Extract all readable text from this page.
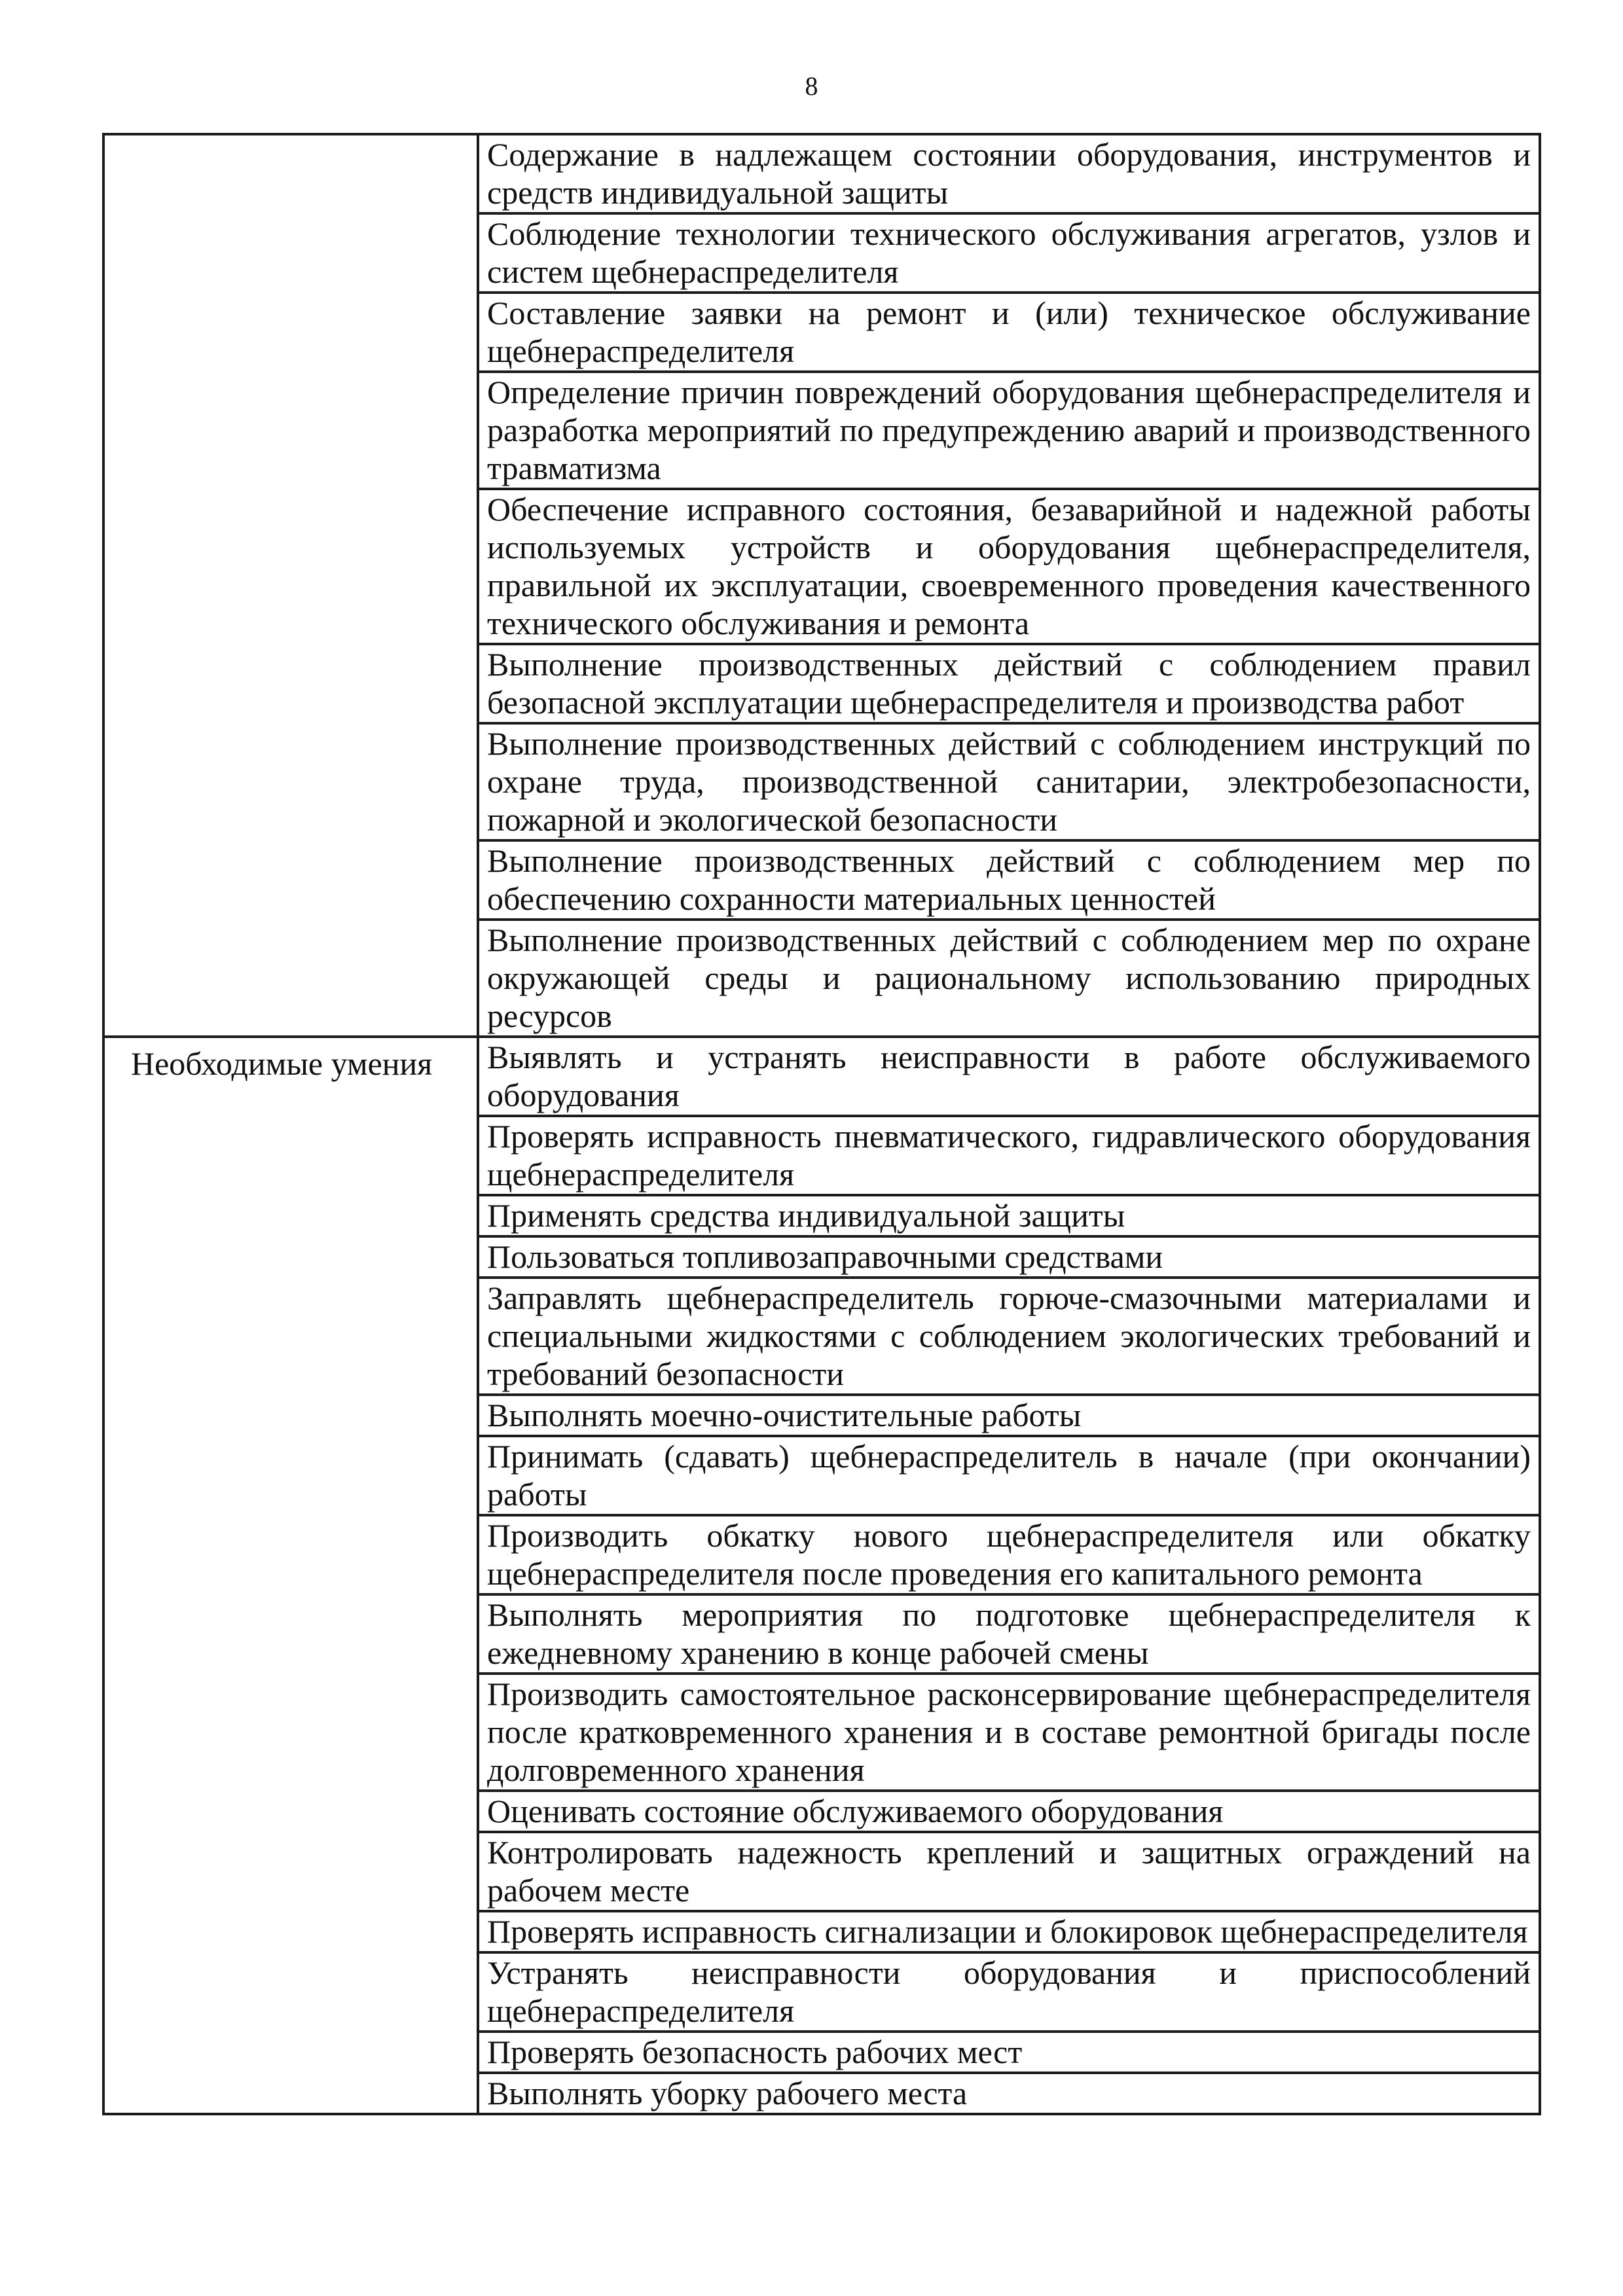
8
	Содержание в надлежащем состоянии оборудования, инструментов и средств индивидуальной защиты
	Соблюдение технологии технического обслуживания агрегатов, узлов и систем щебнераспределителя
	Составление заявки на ремонт и (или) техническое обслуживание щебнераспределителя
	Определение причин повреждений оборудования щебнераспределителя и разработка мероприятий по предупреждению аварий и производственного травматизма
	Обеспечение исправного состояния, безаварийной и надежной работы используемых устройств и оборудования щебнераспределителя, правильной их эксплуатации, своевременного проведения качественного технического обслуживания и ремонта
	Выполнение производственных действий с соблюдением правил безопасной эксплуатации щебнераспределителя и производства работ
	Выполнение производственных действий с соблюдением инструкций по охране труда, производственной санитарии, электробезопасности, пожарной и экологической безопасности
	Выполнение производственных действий с соблюдением мер по обеспечению сохранности материальных ценностей
	Выполнение производственных действий с соблюдением мер по охране окружающей среды и рациональному использованию природных ресурсов
Необходимые умения	Выявлять и устранять неисправности в работе обслуживаемого оборудования
	Проверять исправность пневматического, гидравлического оборудования щебнераспределителя
	Применять средства индивидуальной защиты
	Пользоваться топливозаправочными средствами
	Заправлять щебнераспределитель горюче-смазочными материалами и специальными жидкостями с соблюдением экологических требований и требований безопасности
	Выполнять моечно-очистительные работы
	Принимать (сдавать) щебнераспределитель в начале (при окончании) работы
	Производить обкатку нового щебнераспределителя или обкатку щебнераспределителя после проведения его капитального ремонта
	Выполнять мероприятия по подготовке щебнераспределителя к ежедневному хранению в конце рабочей смены
	Производить самостоятельное расконсервирование щебнераспределителя после кратковременного хранения и в составе ремонтной бригады после долговременного хранения
	Оценивать состояние обслуживаемого оборудования
	Контролировать надежность креплений и защитных ограждений на рабочем месте
	Проверять исправность сигнализации и блокировок щебнераспределителя
	Устранять неисправности оборудования и приспособлений щебнераспределителя
	Проверять безопасность рабочих мест
	Выполнять уборку рабочего места
